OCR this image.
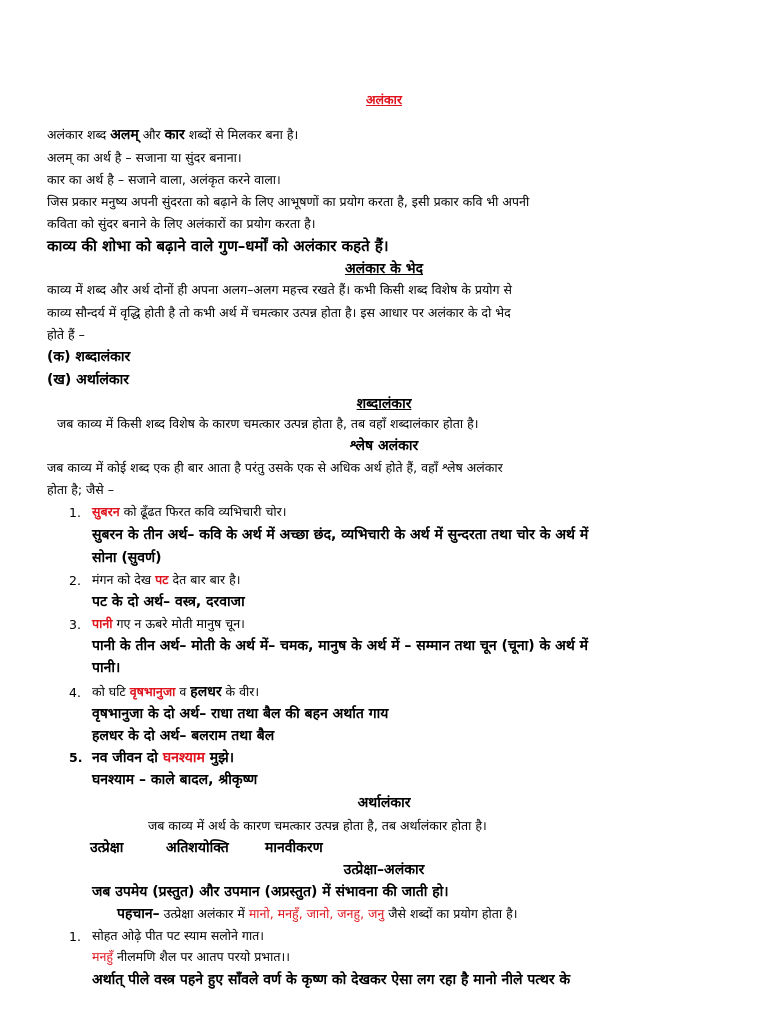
अलंकार
अलंकार शब्द अलम् और कार शब्दों से मिलकर बना है।
अलम् का अर्थ है – सजाना या सुंदर बनाना।
कार का अर्थ है – सजाने वाला, अलंकृत करने वाला।
जिस प्रकार मनुष्य अपनी सुंदरता को बढ़ाने के लिए आभूषणों का प्रयोग करता है, इसी प्रकार कवि भी अपनी
कविता को सुंदर बनाने के लिए अलंकारों का प्रयोग करता है।
काव्य की शोभा को बढ़ाने वाले गुण–धर्मों को अलंकार कहते हैं।
अलंकार के भेद
काव्य में शब्द और अर्थ दोनों ही अपना अलग–अलग महत्त्व रखते हैं। कभी किसी शब्द विशेष के प्रयोग से
काव्य सौन्दर्य में वृद्धि होती है तो कभी अर्थ में चमत्कार उत्पन्न होता है। इस आधार पर अलंकार के दो भेद
होते हैं –
(क) शब्दालंकार
(ख) अर्थालंकार
शब्दालंकार
जब काव्य में किसी शब्द विशेष के कारण चमत्कार उत्पन्न होता है, तब वहाँ शब्दालंकार होता है।
श्लेष अलंकार
जब काव्य में कोई शब्द एक ही बार आता है परंतु उसके एक से अधिक अर्थ होते हैं, वहाँ श्लेष अलंकार
होता है; जैसे –
1. सुबरन को ढूँढत फिरत कवि व्यभिचारी चोर।
सुबरन के तीन अर्थ– कवि के अर्थ में अच्छा छंद, व्यभिचारी के अर्थ में सुन्दरता तथा चोर के अर्थ में
सोना (सुवर्ण)
2. मंगन को देख पट देत बार बार है।
पट के दो अर्थ– वस्त्र, दरवाजा
3. पानी गए न ऊबरे मोती मानुष चून।
पानी के तीन अर्थ– मोती के अर्थ में– चमक, मानुष के अर्थ में – सम्मान तथा चून (चूना) के अर्थ में
पानी।
4. को घटि वृषभानुजा व हलधर के वीर।
वृषभानुजा के दो अर्थ– राधा तथा बैल की बहन अर्थात गाय
हलधर के दो अर्थ– बलराम तथा बैल
5. नव जीवन दो घनश्याम मुझे।
घनश्याम – काले बादल, श्रीकृष्ण
अर्थालंकार
जब काव्य में अर्थ के कारण चमत्कार उत्पन्न होता है, तब अर्थालंकार होता है।
उत्प्रेक्षा	अतिशयोक्ति	मानवीकरण
उत्प्रेक्षा–अलंकार
जब उपमेय (प्रस्तुत) और उपमान (अप्रस्तुत) में संभावना की जाती हो।
पहचान– उत्प्रेक्षा अलंकार में मानो, मनहुँ, जानो, जनहु, जनु जैसे शब्दों का प्रयोग होता है।
1. सोहत ओढ़े पीत पट स्याम सलोने गात।
मनहुँ नीलमणि शैल पर आतप परयो प्रभात।।
अर्थात् पीले वस्त्र पहने हुए साँवले वर्ण के कृष्ण को देखकर ऐसा लग रहा है मानो नीले पत्थर के
